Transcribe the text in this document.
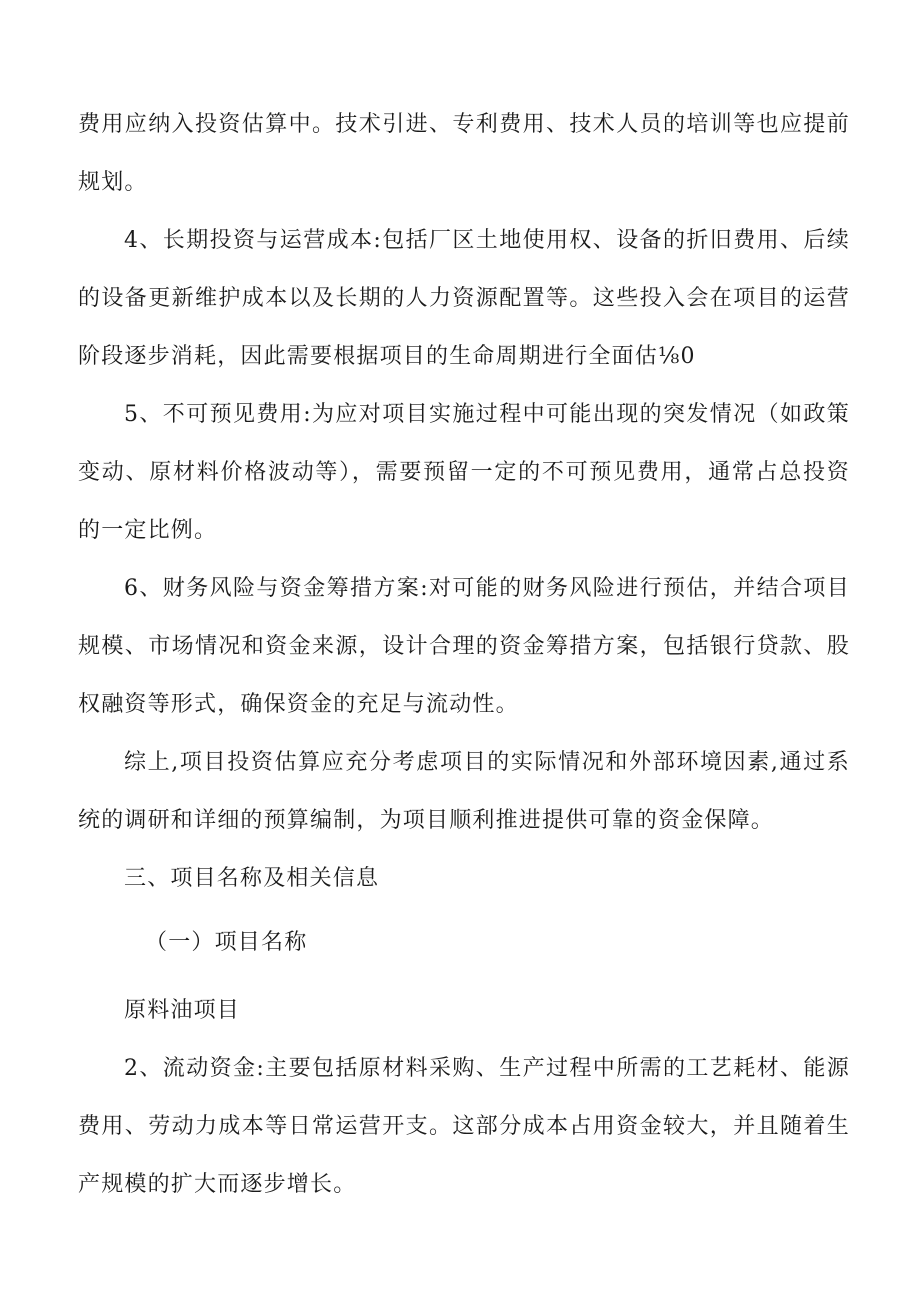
费用应纳入投资估算中。技术引进、专利费用、技术人员的培训等也应提前规划。

4、长期投资与运营成本:包括厂区土地使用权、设备的折旧费用、后续的设备更新维护成本以及长期的人力资源配置等。这些投入会在项目的运营阶段逐步消耗，因此需要根据项目的生命周期进行全面估⅛0

5、不可预见费用:为应对项目实施过程中可能出现的突发情况（如政策变动、原材料价格波动等），需要预留一定的不可预见费用，通常占总投资的一定比例。

6、财务风险与资金筹措方案:对可能的财务风险进行预估，并结合项目规模、市场情况和资金来源，设计合理的资金筹措方案，包括银行贷款、股权融资等形式，确保资金的充足与流动性。

综上,项目投资估算应充分考虑项目的实际情况和外部环境因素,通过系统的调研和详细的预算编制，为项目顺利推进提供可靠的资金保障。

三、项目名称及相关信息

（一）项目名称

原料油项目

2、流动资金:主要包括原材料采购、生产过程中所需的工艺耗材、能源费用、劳动力成本等日常运营开支。这部分成本占用资金较大，并且随着生产规模的扩大而逐步增长。
